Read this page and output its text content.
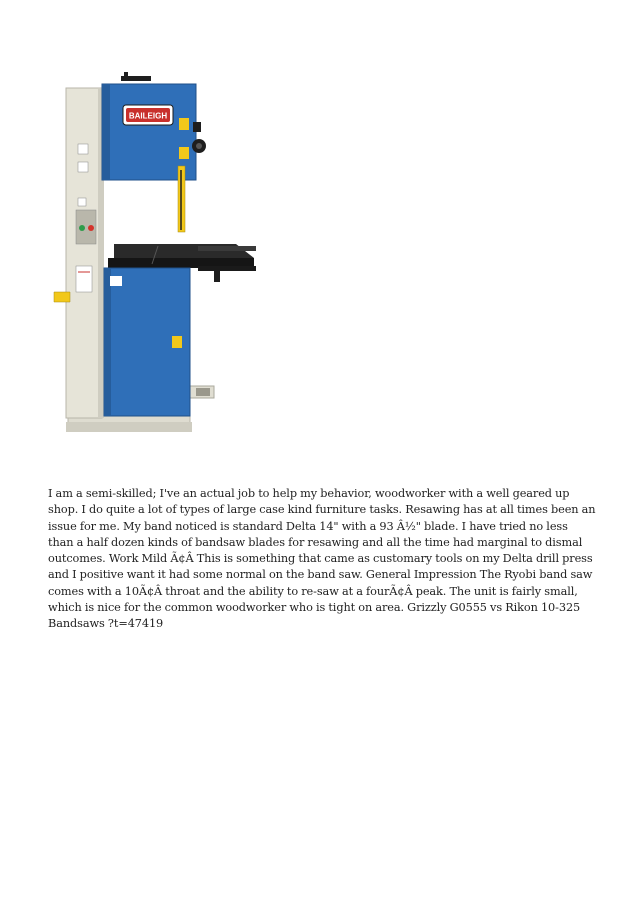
BAILEIGH

I am a semi-skilled; I've an actual job to help my behavior, woodworker with a well geared up shop. I do quite a lot of types of large case kind furniture tasks. Resawing has at all times been an issue for me. My band noticed is standard Delta 14" with a 93 Â½" blade. I have tried no less than a half dozen kinds of bandsaw blades for resawing and all the time had marginal to dismal outcomes. Work Mild Ã¢Â This is something that came as customary tools on my Delta drill press and I positive want it had some normal on the band saw. General Impression The Ryobi band saw comes with a 10Ã¢Â throat and the ability to re-saw at a fourÃ¢Â peak. The unit is fairly small, which is nice for the common woodworker who is tight on area. Grizzly G0555 vs Rikon 10-325 Bandsaws ?t=47419
